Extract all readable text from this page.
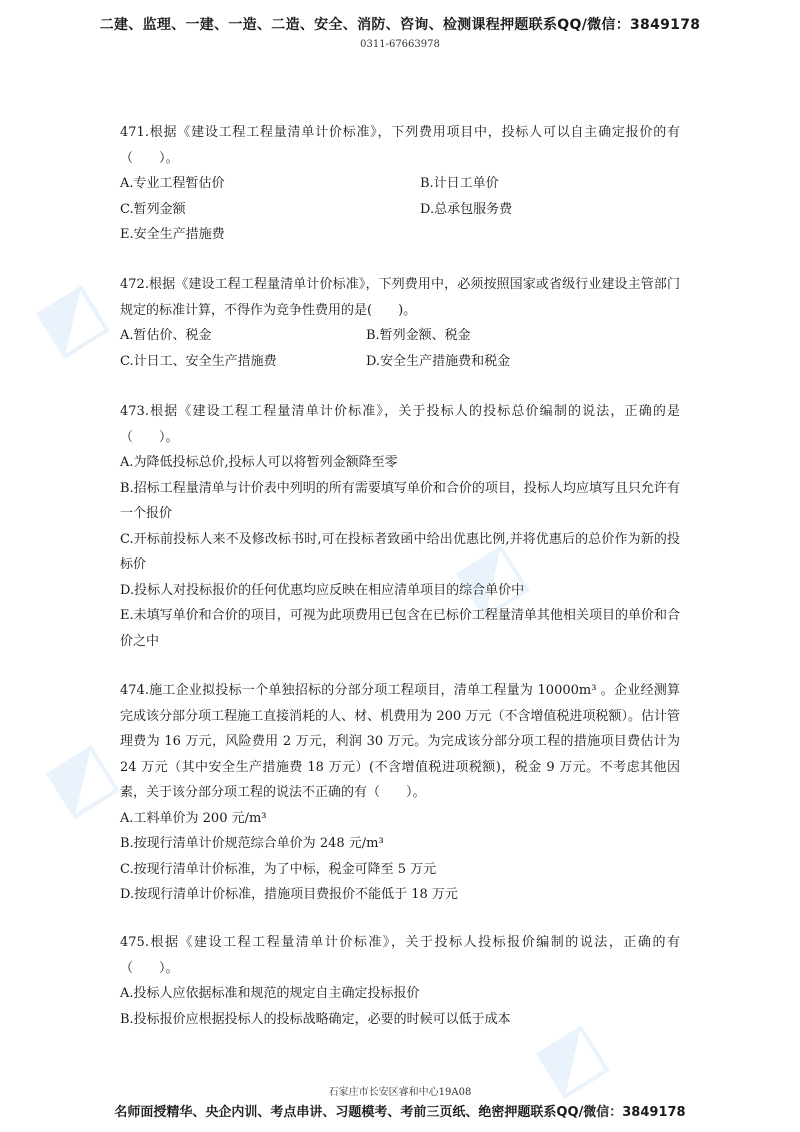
◩
◩
◩
◩
二建、监理、一建、一造、二造、安全、消防、咨询、检测课程押题联系QQ/微信：3849178
0311-67663978
471.根据《建设工程工程量清单计价标准》，下列费用项目中，投标人可以自主确定报价的有（　　）。
A.专业工程暂估价	B.计日工单价
C.暂列金额	D.总承包服务费
E.安全生产措施费
472.根据《建设工程工程量清单计价标准》，下列费用中，必须按照国家或省级行业建设主管部门规定的标准计算，不得作为竞争性费用的是(　　)。
A.暂估价、税金	B.暂列金额、税金
C.计日工、安全生产措施费	D.安全生产措施费和税金
473.根据《建设工程工程量清单计价标准》，关于投标人的投标总价编制的说法，正确的是（　　）。
A.为降低投标总价,投标人可以将暂列金额降至零
B.招标工程量清单与计价表中列明的所有需要填写单价和合价的项目，投标人均应填写且只允许有一个报价
C.开标前投标人来不及修改标书时,可在投标者致函中给出优惠比例,并将优惠后的总价作为新的投标价
D.投标人对投标报价的任何优惠均应反映在相应清单项目的综合单价中
E.未填写单价和合价的项目，可视为此项费用已包含在已标价工程量清单其他相关项目的单价和合价之中
474.施工企业拟投标一个单独招标的分部分项工程项目，清单工程量为 10000m³ 。企业经测算完成该分部分项工程施工直接消耗的人、材、机费用为 200 万元（不含增值税进项税额）。估计管理费为 16 万元，风险费用 2 万元，利润 30 万元。为完成该分部分项工程的措施项目费估计为 24 万元（其中安全生产措施费 18 万元）(不含增值税进项税额)，税金 9 万元。不考虑其他因素，关于该分部分项工程的说法不正确的有（　　）。
A.工料单价为 200 元/m³
B.按现行清单计价规范综合单价为 248 元/m³
C.按现行清单计价标准，为了中标，税金可降至 5 万元
D.按现行清单计价标准，措施项目费报价不能低于 18 万元
475.根据《建设工程工程量清单计价标准》，关于投标人投标报价编制的说法，正确的有（　　）。
A.投标人应依据标准和规范的规定自主确定投标报价
B.投标报价应根据投标人的投标战略确定，必要的时候可以低于成本
石家庄市长安区睿和中心19A08
名师面授精华、央企内训、考点串讲、习题模考、考前三页纸、绝密押题联系QQ/微信：3849178
